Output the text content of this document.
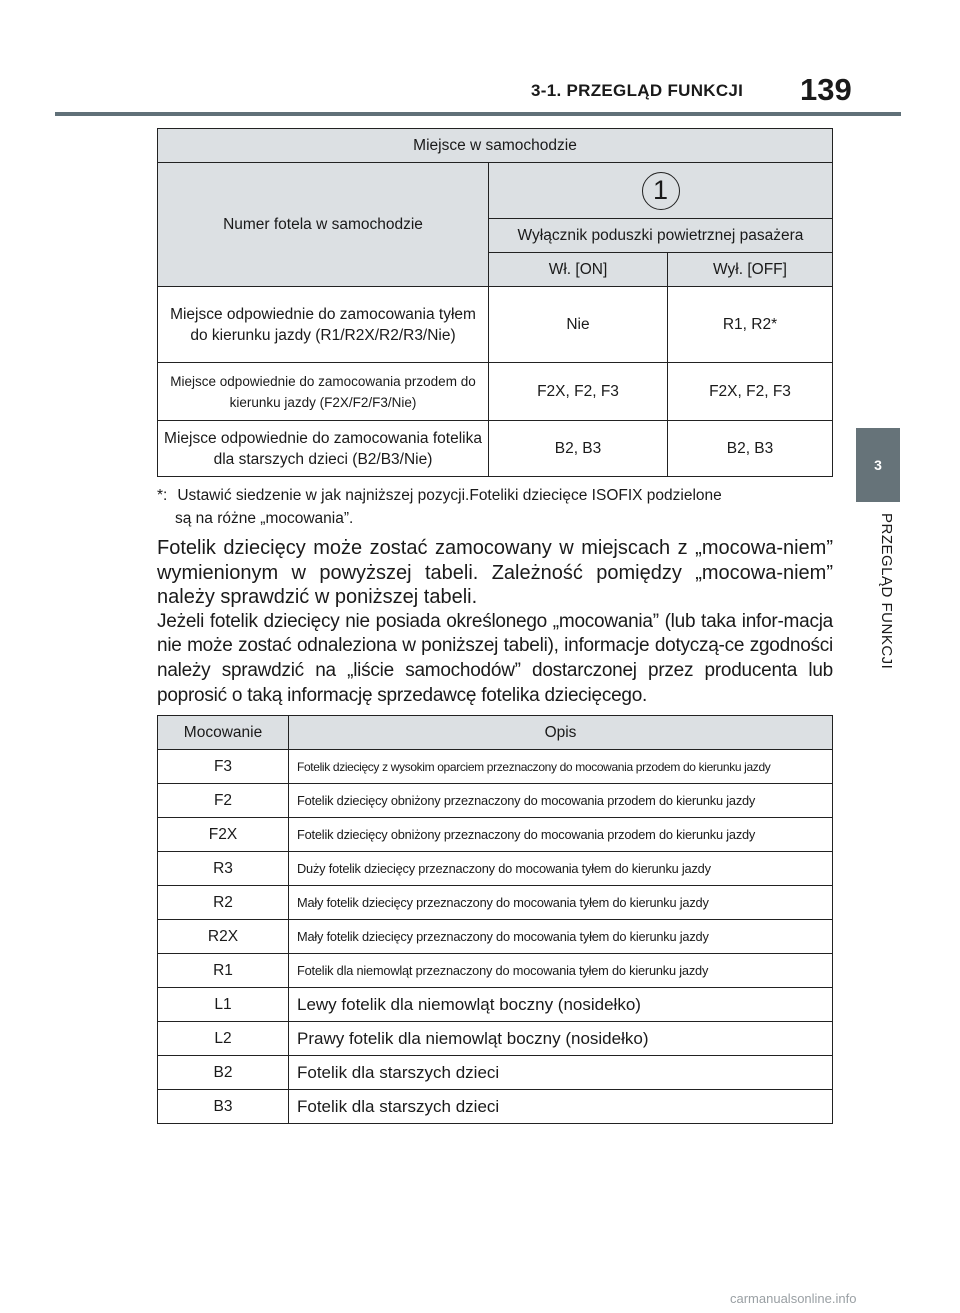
3-1. PRZEGLĄD FUNKCJI 139
3
PRZEGLĄD FUNKCJI
Miejsce w samochodzie		
Numer fotela w samochodzie	1	
	Wyłącznik poduszki powietrznej pasażera	
	Wł. [ON]	Wył. [OFF]
Miejsce odpowiednie do zamocowania tyłem do kierunku jazdy (R1/R2X/R2/R3/Nie)	Nie	R1, R2*
Miejsce odpowiednie do zamocowania przodem do kierunku jazdy (F2X/F2/F3/Nie)	F2X, F2, F3	F2X, F2, F3
Miejsce odpowiednie do zamocowania fotelika dla starszych dzieci (B2/B3/Nie)	B2, B3	B2, B3
*: Ustawić siedzenie w jak najniższej pozycji.Foteliki dziecięce ISOFIX podzielone
są na różne „mocowania”.
Fotelik dziecięcy może zostać zamocowany w miejscach z „mocowa-niem” wymienionym w powyższej tabeli. Zależność pomiędzy „mocowa-niem” należy sprawdzić w poniższej tabeli.
Jeżeli fotelik dziecięcy nie posiada określonego „mocowania” (lub taka infor-macja nie może zostać odnaleziona w poniższej tabeli), informacje dotyczą-ce zgodności należy sprawdzić na „liście samochodów” dostarczonej przez producenta lub poprosić o taką informację sprzedawcę fotelika dziecięcego.
Mocowanie	Opis
F3	Fotelik dziecięcy z wysokim oparciem przeznaczony do mocowania przodem do kierunku jazdy
F2	Fotelik dziecięcy obniżony przeznaczony do mocowania przodem do kierunku jazdy
F2X	Fotelik dziecięcy obniżony przeznaczony do mocowania przodem do kierunku jazdy
R3	Duży fotelik dziecięcy przeznaczony do mocowania tyłem do kierunku jazdy
R2	Mały fotelik dziecięcy przeznaczony do mocowania tyłem do kierunku jazdy
R2X	Mały fotelik dziecięcy przeznaczony do mocowania tyłem do kierunku jazdy
R1	Fotelik dla niemowląt przeznaczony do mocowania tyłem do kierunku jazdy
L1	Lewy fotelik dla niemowląt boczny (nosidełko)
L2	Prawy fotelik dla niemowląt boczny (nosidełko)
B2	Fotelik dla starszych dzieci
B3	Fotelik dla starszych dzieci
carmanualsonline.info
